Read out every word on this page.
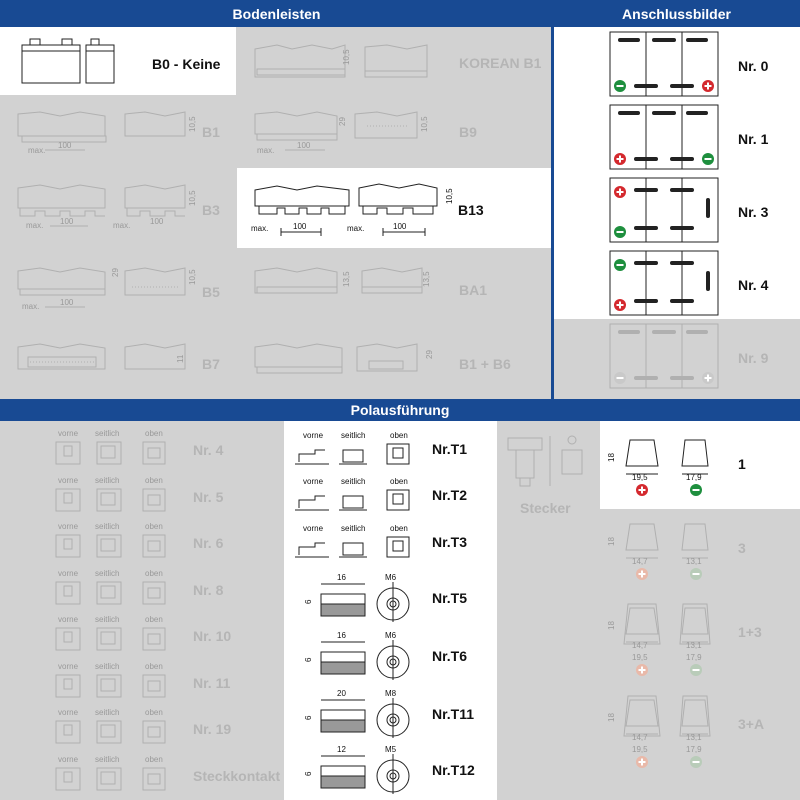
Bodenleisten	Anschlussbilder
Polausführung
B0 - Keine	10,5	KOREAN B1
max.
100
10,5 B1
max.
100
29	10,5 B9
max. 100	max. 100
10,5
B3
max.	100	max.	100
10,5
B13
max.	100
29	10,5
B5
13,5	13,5
BA1
11 B7
29
B1 + B6
Nr. 0
Nr. 1
Nr. 3
Nr. 4
Nr. 9
vorne seitlich	oben
Nr. 4
vorne seitlich	oben
Nr. 5
vorne seitlich	oben
Nr. 6
vorne seitlich	oben
Nr. 8
vorne seitlich	oben
Nr. 10
vorne seitlich	oben
Nr. 11
vorne seitlich	oben
Nr. 19
vorne seitlich	oben
Steckkontakt
vorne seitlich	oben
Nr.T1
vorne seitlich	oben
Nr.T2
vorne seitlich	oben
Nr.T3
16	M6
6	Nr.T5
16	M6
6	Nr.T6
20	M8
6	Nr.T11
12	M5
6	Nr.T12
Stecker
18
19,5	17,9
1
18
14,7	13,1
3
18
14,7	13,1
19,5	17,9
1+3
18
14,7	13,1
19,5	17,9
3+A
